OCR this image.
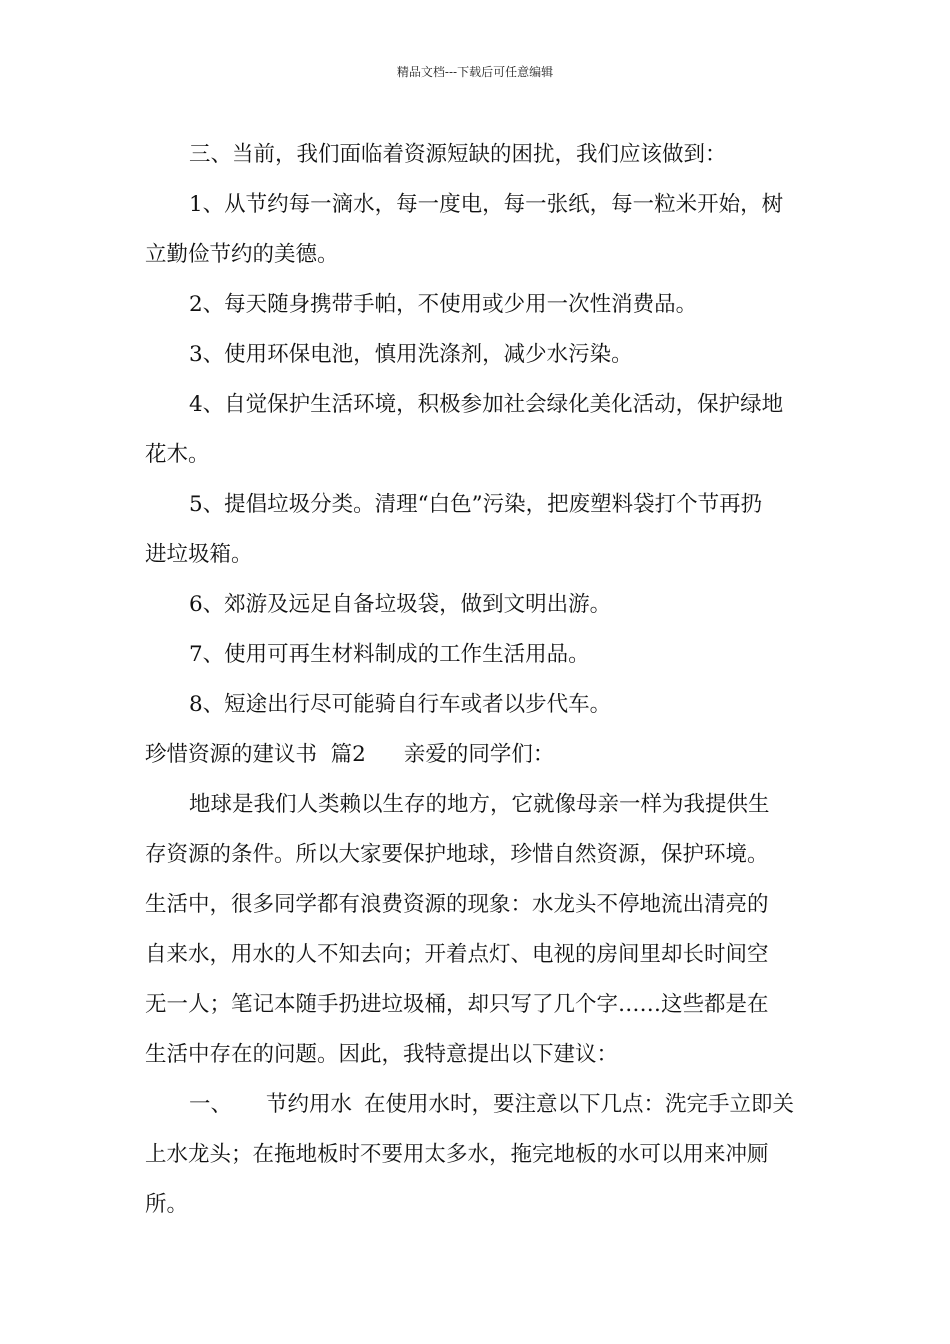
精品文档---下载后可任意编辑
三、当前，我们面临着资源短缺的困扰，我们应该做到：
1、从节约每一滴水，每一度电，每一张纸，每一粒米开始，树
立勤俭节约的美德。
2、每天随身携带手帕，不使用或少用一次性消费品。
3、使用环保电池，慎用洗涤剂，减少水污染。
4、自觉保护生活环境，积极参加社会绿化美化活动，保护绿地
花木。
5、提倡垃圾分类。清理“白色”污染，把废塑料袋打个节再扔
进垃圾箱。
6、郊游及远足自备垃圾袋，做到文明出游。
7、使用可再生材料制成的工作生活用品。
8、短途出行尽可能骑自行车或者以步代车。
珍惜资源的建议书  篇2 亲爱的同学们：
地球是我们人类赖以生存的地方，它就像母亲一样为我提供生
存资源的条件。所以大家要保护地球，珍惜自然资源，保护环境。
生活中，很多同学都有浪费资源的现象：水龙头不停地流出清亮的
自来水，用水的人不知去向；开着点灯、电视的房间里却长时间空
无一人；笔记本随手扔进垃圾桶，却只写了几个字……这些都是在
生活中存在的问题。因此，我特意提出以下建议：
一、 节约用水 在使用水时，要注意以下几点：洗完手立即关
上水龙头；在拖地板时不要用太多水，拖完地板的水可以用来冲厕
所。
